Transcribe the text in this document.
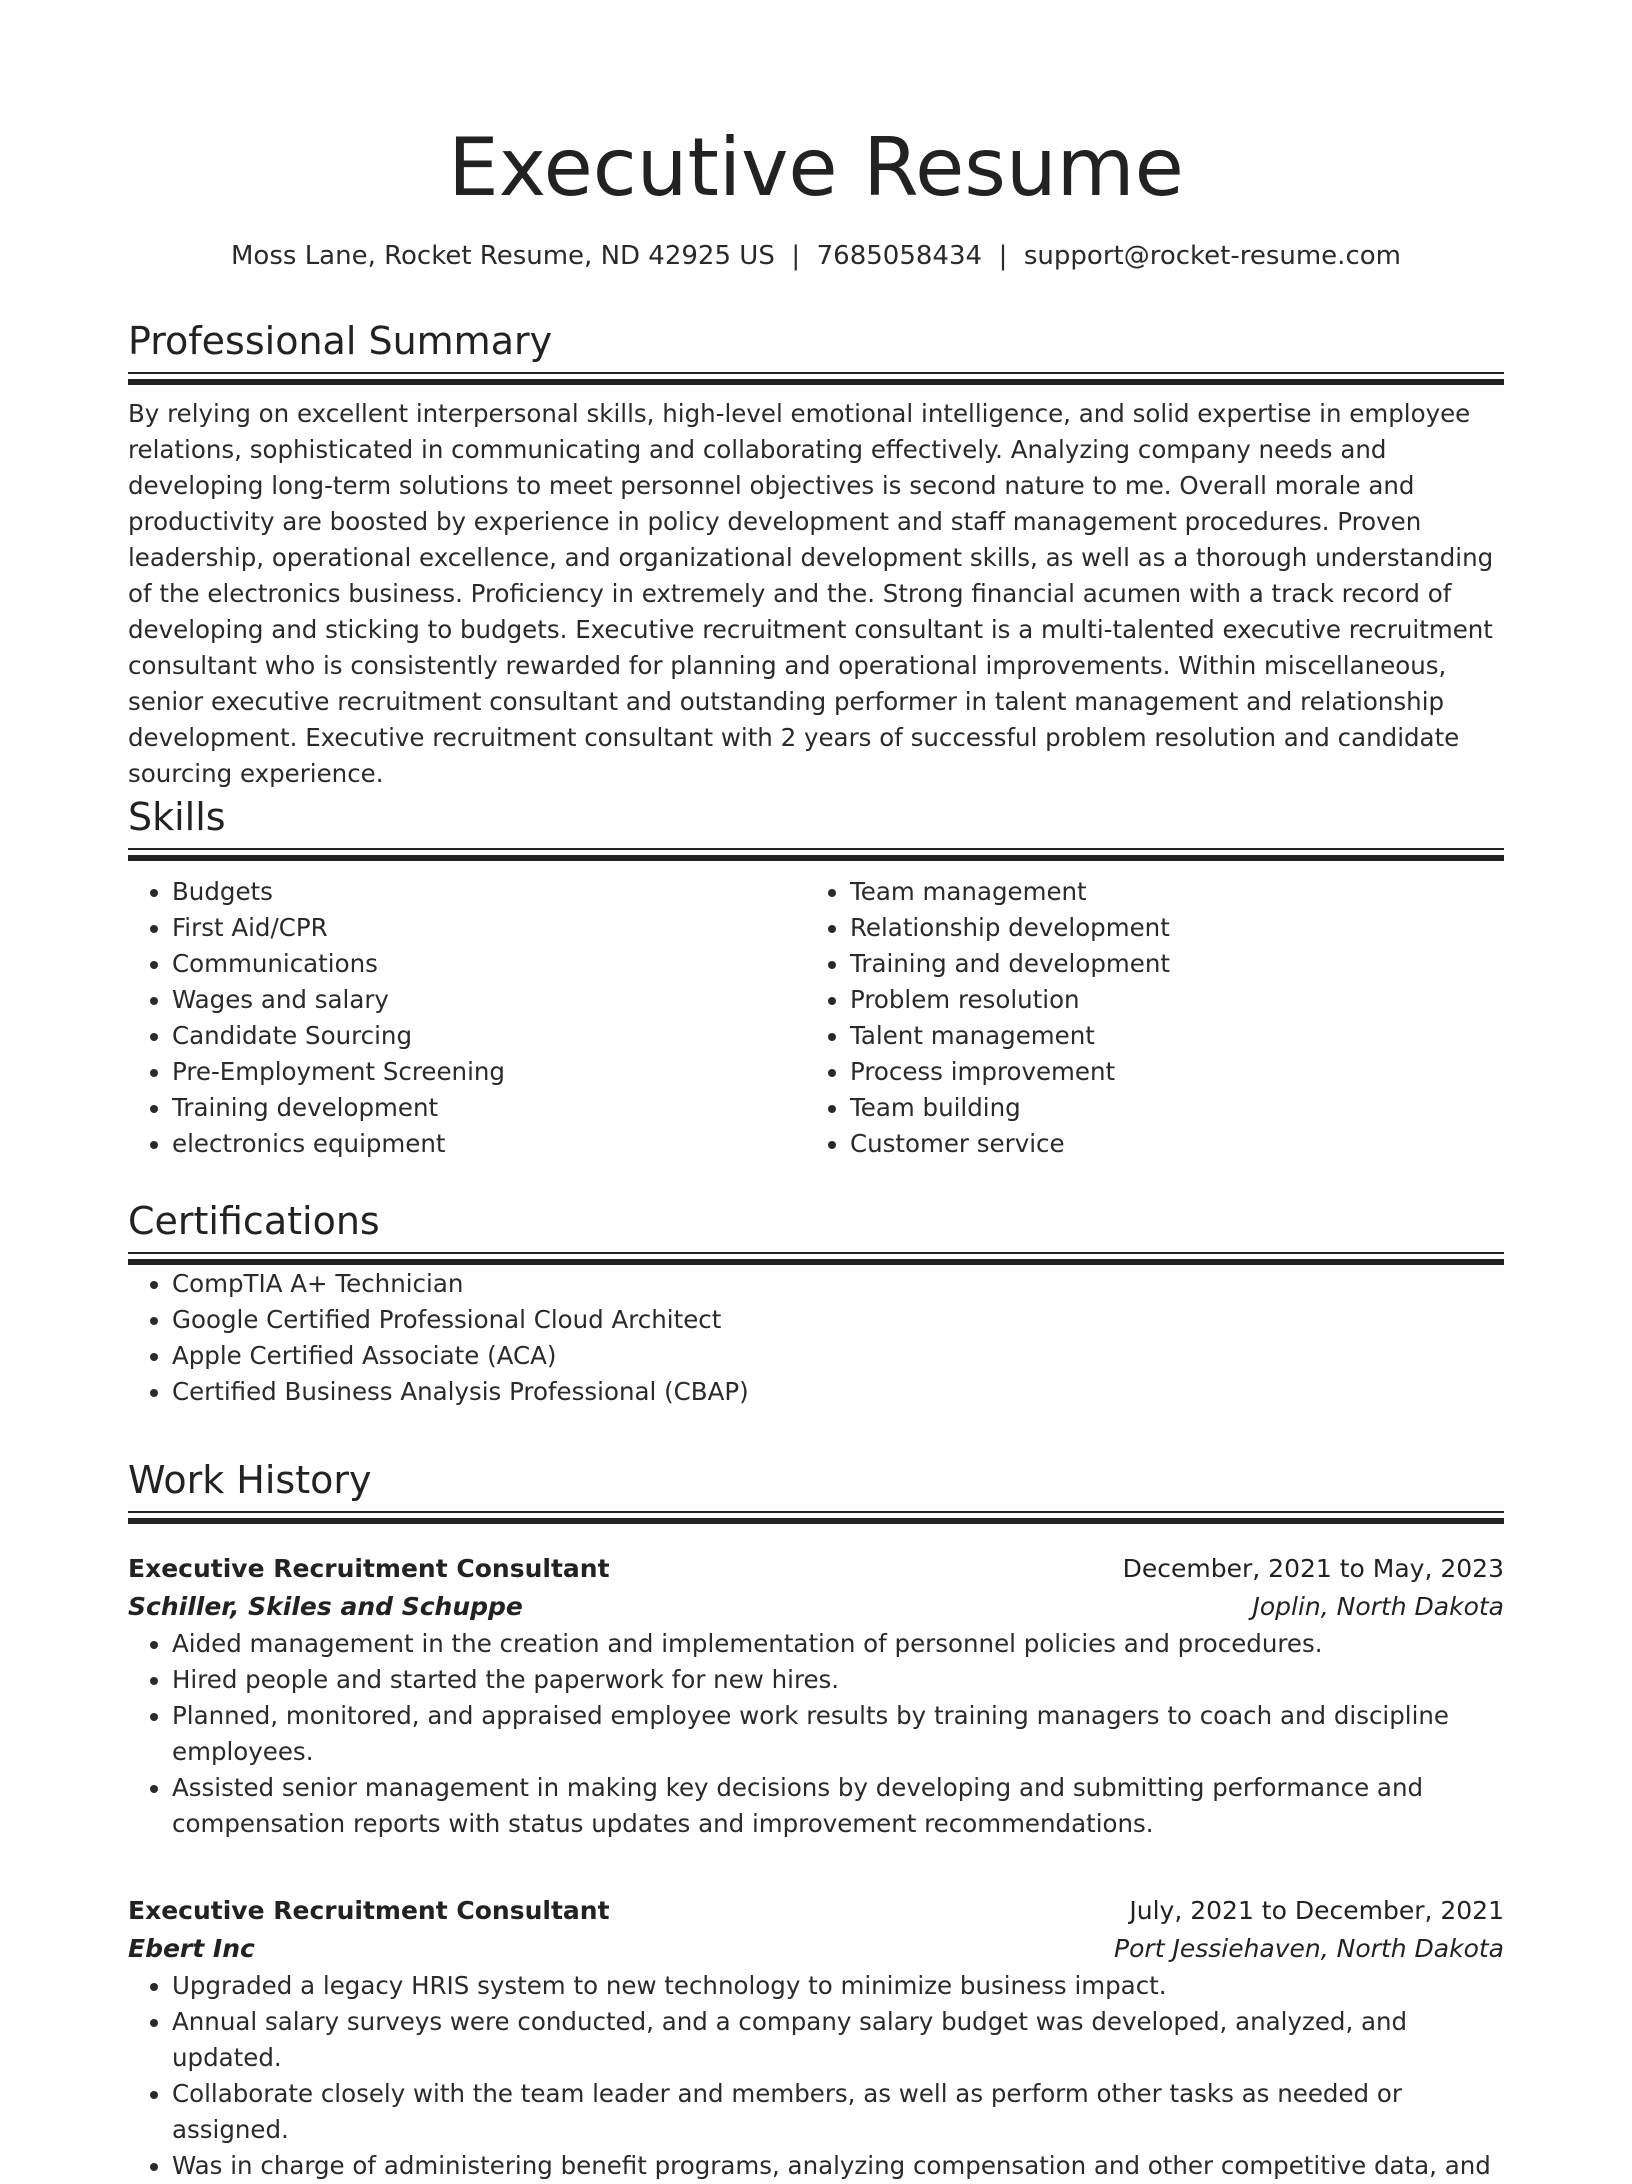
Executive Resume
Moss Lane, Rocket Resume, ND 42925 US  |  7685058434  |  support@rocket-resume.com
Professional Summary

By relying on excellent interpersonal skills, high-level emotional intelligence, and solid expertise in employee relations, sophisticated in communicating and collaborating effectively. Analyzing company needs and developing long-term solutions to meet personnel objectives is second nature to me. Overall morale and productivity are boosted by experience in policy development and staff management procedures. Proven leadership, operational excellence, and organizational development skills, as well as a thorough understanding of the electronics business. Proficiency in extremely and the. Strong financial acumen with a track record of developing and sticking to budgets. Executive recruitment consultant is a multi-talented executive recruitment consultant who is consistently rewarded for planning and operational improvements. Within miscellaneous, senior executive recruitment consultant and outstanding performer in talent management and relationship development. Executive recruitment consultant with 2 years of successful problem resolution and candidate sourcing experience.

Skills
• Budgets
• First Aid/CPR
• Communications
• Wages and salary
• Candidate Sourcing
• Pre-Employment Screening
• Training development
• electronics equipment
• Team management
• Relationship development
• Training and development
• Problem resolution
• Talent management
• Process improvement
• Team building
• Customer service
Certifications
• CompTIA A+ Technician
• Google Certified Professional Cloud Architect
• Apple Certified Associate (ACA)
• Certified Business Analysis Professional (CBAP)
Work History
Executive Recruitment Consultant	December, 2021 to May, 2023
Schiller, Skiles and Schuppe	Joplin, North Dakota
• Aided management in the creation and implementation of personnel policies and procedures.
• Hired people and started the paperwork for new hires.
• Planned, monitored, and appraised employee work results by training managers to coach and discipline employees.
• Assisted senior management in making key decisions by developing and submitting performance and compensation reports with status updates and improvement recommendations.
Executive Recruitment Consultant	July, 2021 to December, 2021
Ebert Inc	Port Jessiehaven, North Dakota
• Upgraded a legacy HRIS system to new technology to minimize business impact.
• Annual salary surveys were conducted, and a company salary budget was developed, analyzed, and updated.
• Collaborate closely with the team leader and members, as well as perform other tasks as needed or assigned.
• Was in charge of administering benefit programs, analyzing compensation and other competitive data, and
